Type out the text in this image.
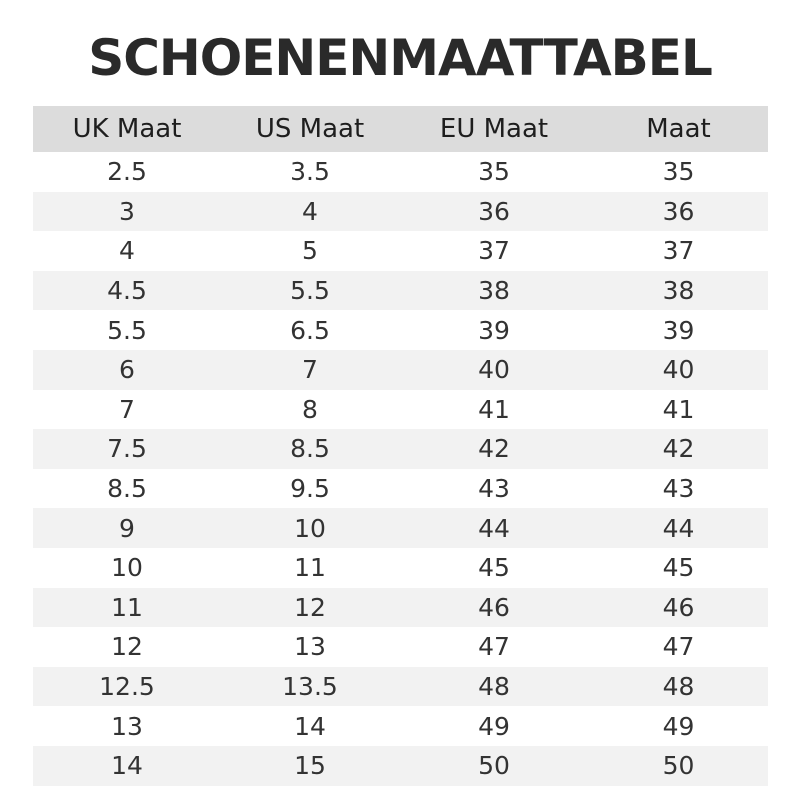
SCHOENENMAATTABEL
UK Maat	US Maat	EU Maat	Maat
2.5	3.5	35	35
3	4	36	36
4	5	37	37
4.5	5.5	38	38
5.5	6.5	39	39
6	7	40	40
7	8	41	41
7.5	8.5	42	42
8.5	9.5	43	43
9	10	44	44
10	11	45	45
11	12	46	46
12	13	47	47
12.5	13.5	48	48
13	14	49	49
14	15	50	50
